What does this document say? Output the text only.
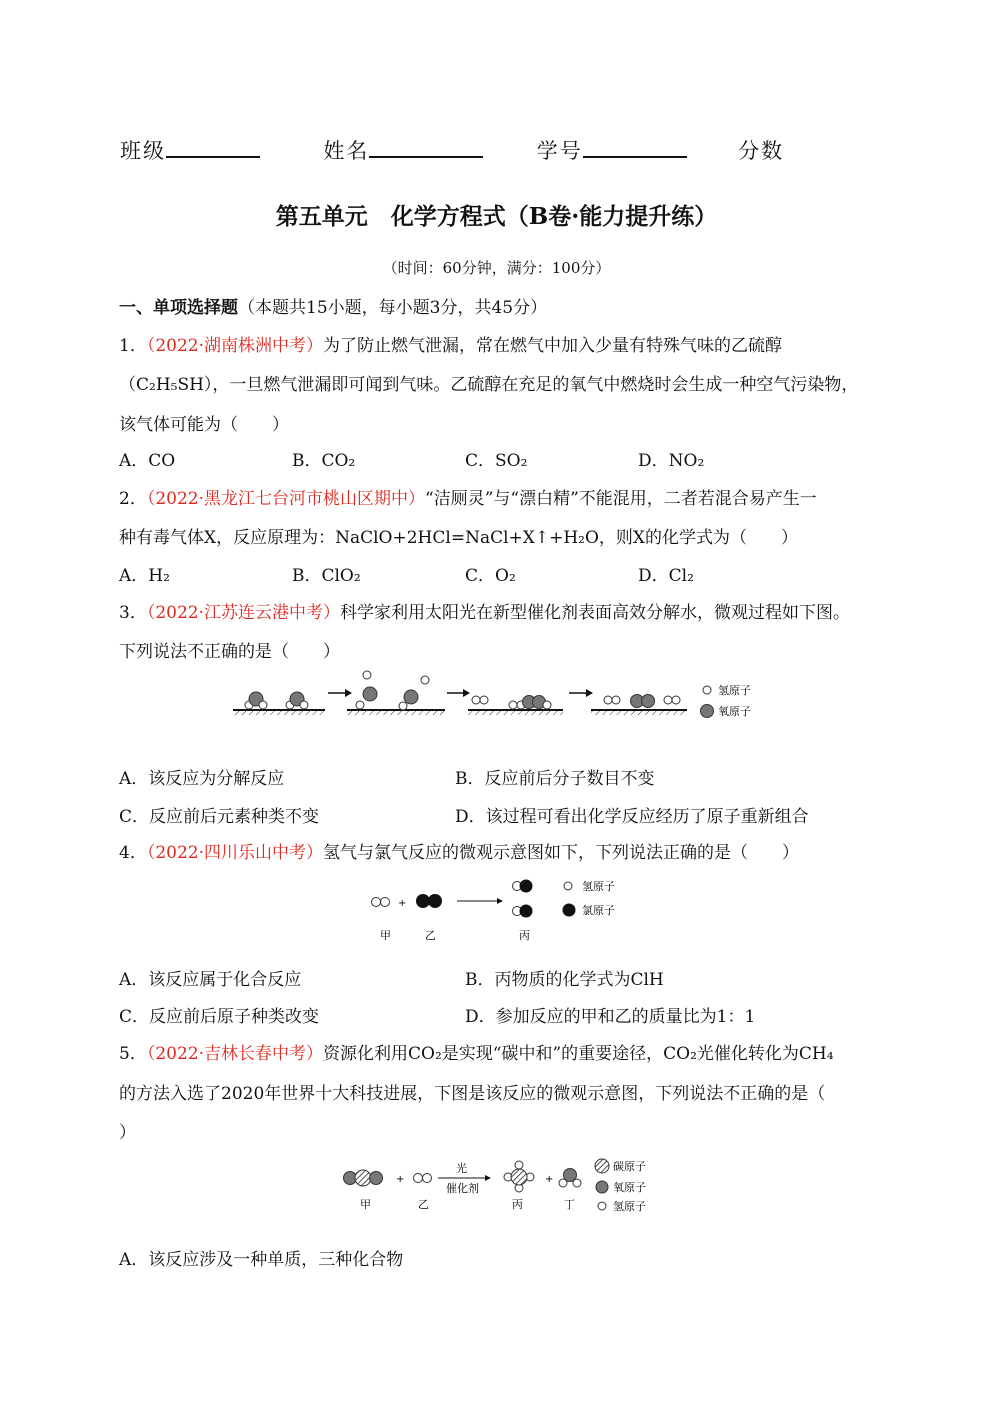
班级	姓名	学号	分数
第五单元　化学方程式（B卷·能力提升练）
（时间：60分钟，满分：100分）
一、单项选择题（本题共15小题，每小题3分，共45分）
1．（2022·湖南株洲中考）为了防止燃气泄漏，常在燃气中加入少量有特殊气味的乙硫醇
（C₂H₅SH），一旦燃气泄漏即可闻到气味。乙硫醇在充足的氧气中燃烧时会生成一种空气污染物，
该气体可能为（　　）
A．CO	B．CO₂	C．SO₂	D．NO₂
2．（2022·黑龙江七台河市桃山区期中）“洁厕灵”与“漂白精”不能混用，二者若混合易产生一
种有毒气体X，反应原理为：NaClO+2HCl=NaCl+X↑+H₂O，则X的化学式为（　　）
A．H₂	B．ClO₂	C．O₂	D．Cl₂
3．（2022·江苏连云港中考）科学家利用太阳光在新型催化剂表面高效分解水，微观过程如下图。
下列说法不正确的是（　　）
氢原子
氧原子
A．该反应为分解反应	B．反应前后分子数目不变
C．反应前后元素种类不变	D．该过程可看出化学反应经历了原子重新组合
4．（2022·四川乐山中考）氢气与氯气反应的微观示意图如下，下列说法正确的是（　　）
+
氢原子
氯原子
甲	乙	丙
A．该反应属于化合反应	B．丙物质的化学式为ClH
C．反应前后原子种类改变	D．参加反应的甲和乙的质量比为1：1
5．（2022·吉林长春中考）资源化利用CO₂是实现“碳中和”的重要途径，CO₂光催化转化为CH₄
的方法入选了2020年世界十大科技进展，下图是该反应的微观示意图，下列说法不正确的是（
）
+
光
催化剂
+
碳原子
氧原子
氢原子
甲	乙	丙	丁
A．该反应涉及一种单质，三种化合物
